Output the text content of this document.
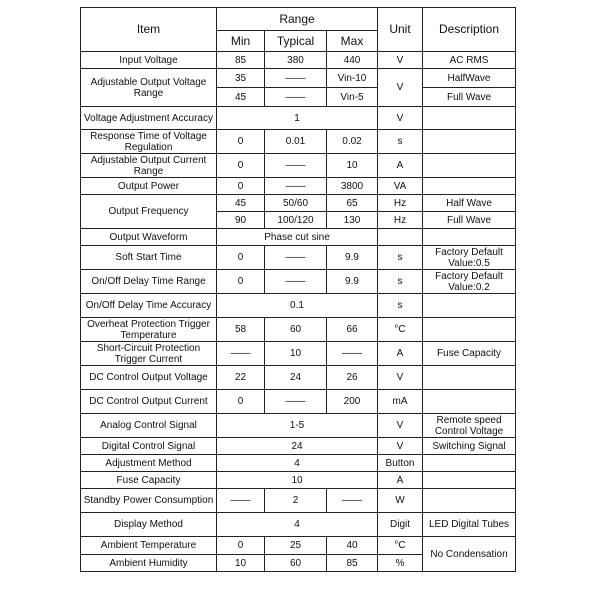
Item	Range			Unit	Description
	Min	Typical	Max		
Input Voltage	85	380	440	V	AC RMS
Adjustable Output Voltage Range	35	——	Vin-10	V	HalfWave
	45	——	Vin-5		Full Wave
Voltage Adjustment Accuracy	1			V	
Response Time of Voltage Regulation	0	0.01	0.02	s	
Adjustable Output Current Range	0	——	10	A	
Output Power	0	——	3800	VA	
Output Frequency	45	50/60	65	Hz	Half Wave
	90	100/120	130	Hz	Full Wave
Output Waveform	Phase cut sine				
Soft Start Time	0	——	9.9	s	Factory Default Value:0.5
On/Off Delay Time Range	0	——	9.9	s	Factory Default Value:0.2
On/Off Delay Time Accuracy	0.1			s	
Overheat Protection Trigger Temperature	58	60	66	°C	
Short-Circuit Protection Trigger Current	——	10	——	A	Fuse Capacity
DC Control Output Voltage	22	24	26	V	
DC Control Output Current	0	——	200	mA	
Analog Control Signal	1-5			V	Remote speed Control Voltage
Digital Control Signal	24			V	Switching Signal
Adjustment Method	4			Button	
Fuse Capacity	10			A	
Standby Power Consumption	——	2	——	W	
Display Method	4			Digit	LED Digital Tubes
Ambient Temperature	0	25	40	°C	No Condensation
Ambient Humidity	10	60	85	%	
